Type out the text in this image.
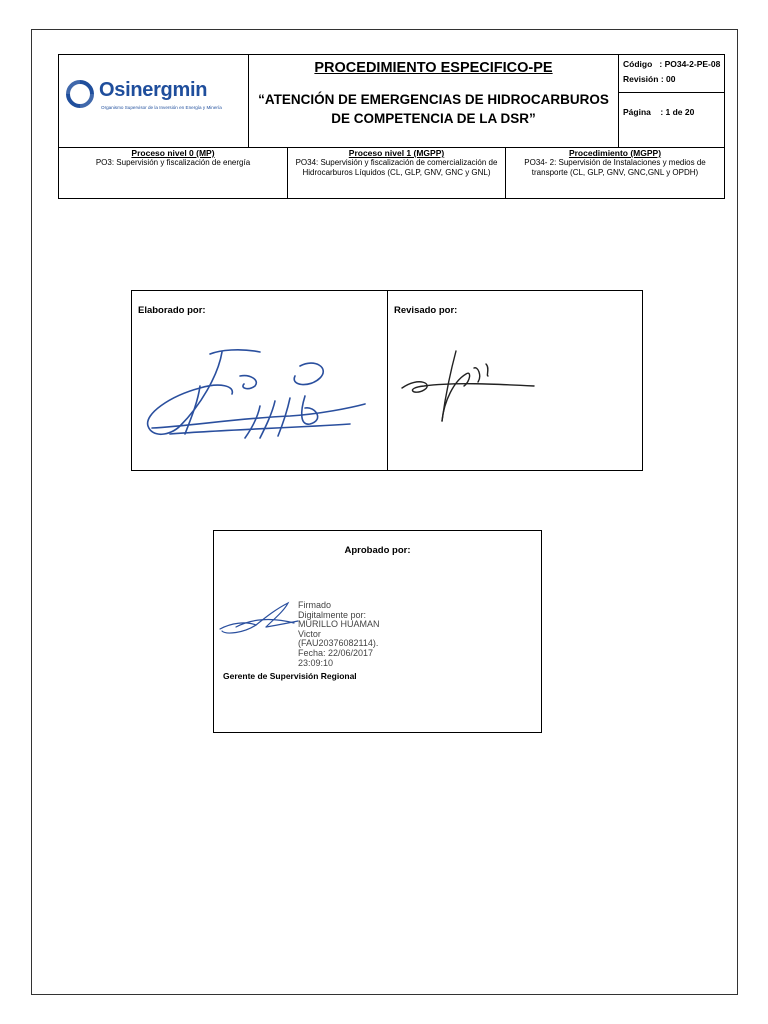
Osinergmin
Organismo Supervisor de la Inversión en Energía y Minería
PROCEDIMIENTO ESPECIFICO-PE
“ATENCIÓN DE EMERGENCIAS DE HIDROCARBUROS DE COMPETENCIA DE LA DSR”
Código : PO34-2-PE-08
Revisión : 00
Página : 1 de 20
Proceso nivel 0 (MP)
PO3: Supervisión y fiscalización de energía
Proceso nivel 1 (MGPP)
PO34: Supervisión y fiscalización de comercialización de Hidrocarburos Líquidos (CL, GLP, GNV, GNC y GNL)
Procedimiento (MGPP)
PO34- 2: Supervisión de Instalaciones y medios de transporte (CL, GLP, GNV, GNC,GNL y OPDH)
Elaborado por:	Revisado por:
Aprobado por:
Firmado
Digitalmente por:
MURILLO HUAMAN
Victor
(FAU20376082114).
Fecha: 22/06/2017
23:09:10
Gerente de Supervisión Regional
